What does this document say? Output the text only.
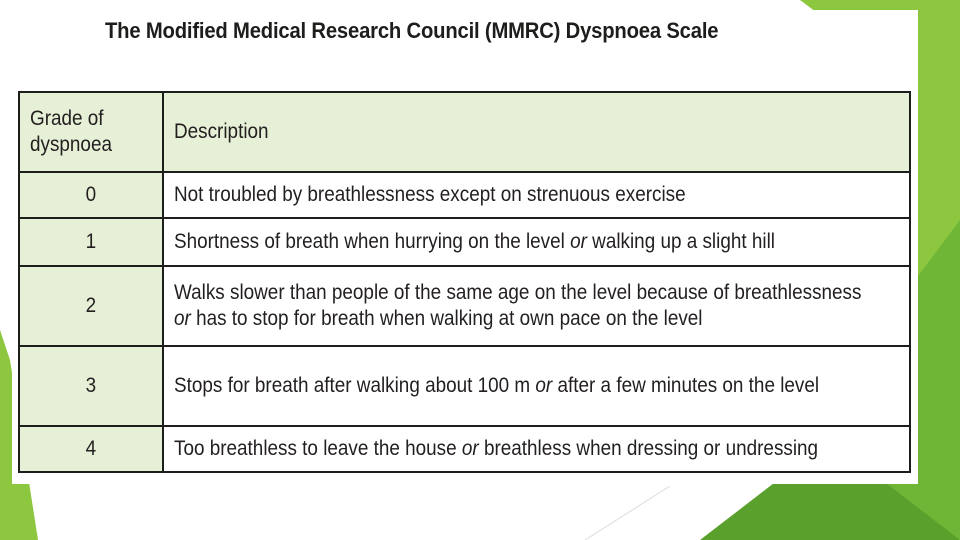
The Modified Medical Research Council (MMRC) Dyspnoea Scale
Grade of dyspnoea	Description
0	Not troubled by breathlessness except on strenuous exercise
1	Shortness of breath when hurrying on the level or walking up a slight hill
2	Walks slower than people of the same age on the level because of breathlessness
or has to stop for breath when walking at own pace on the level
3	Stops for breath after walking about 100 m or after a few minutes on the level
4	Too breathless to leave the house or breathless when dressing or undressing
